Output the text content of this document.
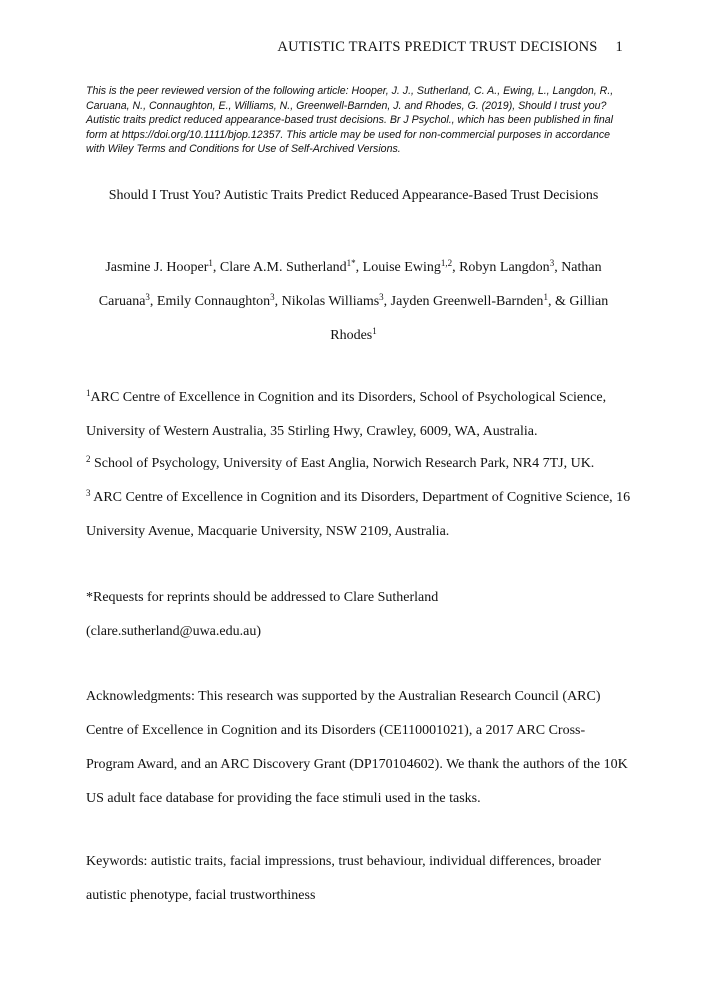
AUTISTIC TRAITS PREDICT TRUST DECISIONS 1

This is the peer reviewed version of the following article: Hooper, J. J., Sutherland, C. A., Ewing, L., Langdon, R., Caruana, N., Connaughton, E., Williams, N., Greenwell-Barnden, J. and Rhodes, G. (2019), Should I trust you? Autistic traits predict reduced appearance-based trust decisions. Br J Psychol., which has been published in final form at https://doi.org/10.1111/bjop.12357. This article may be used for non-commercial purposes in accordance with Wiley Terms and Conditions for Use of Self-Archived Versions.

Should I Trust You? Autistic Traits Predict Reduced Appearance-Based Trust Decisions

Jasmine J. Hooper$^1$, Clare A.M. Sutherland$^{1*}$, Louise Ewing$^{1,2}$, Robyn Langdon$^3$, Nathan Caruana$^3$, Emily Connaughton$^3$, Nikolas Williams$^3$, Jayden Greenwell-Barnden$^1$, & Gillian Rhodes$^1$

$^1$ARC Centre of Excellence in Cognition and its Disorders, School of Psychological Science, University of Western Australia, 35 Stirling Hwy, Crawley, 6009, WA, Australia.

$^2$ School of Psychology, University of East Anglia, Norwich Research Park, NR4 7TJ, UK.

$^3$ ARC Centre of Excellence in Cognition and its Disorders, Department of Cognitive Science, 16 University Avenue, Macquarie University, NSW 2109, Australia.

*Requests for reprints should be addressed to Clare Sutherland

(clare.sutherland@uwa.edu.au)

Acknowledgments: This research was supported by the Australian Research Council (ARC) Centre of Excellence in Cognition and its Disorders (CE110001021), a 2017 ARC Cross-Program Award, and an ARC Discovery Grant (DP170104602). We thank the authors of the 10K US adult face database for providing the face stimuli used in the tasks.

Keywords: autistic traits, facial impressions, trust behaviour, individual differences, broader autistic phenotype, facial trustworthiness
